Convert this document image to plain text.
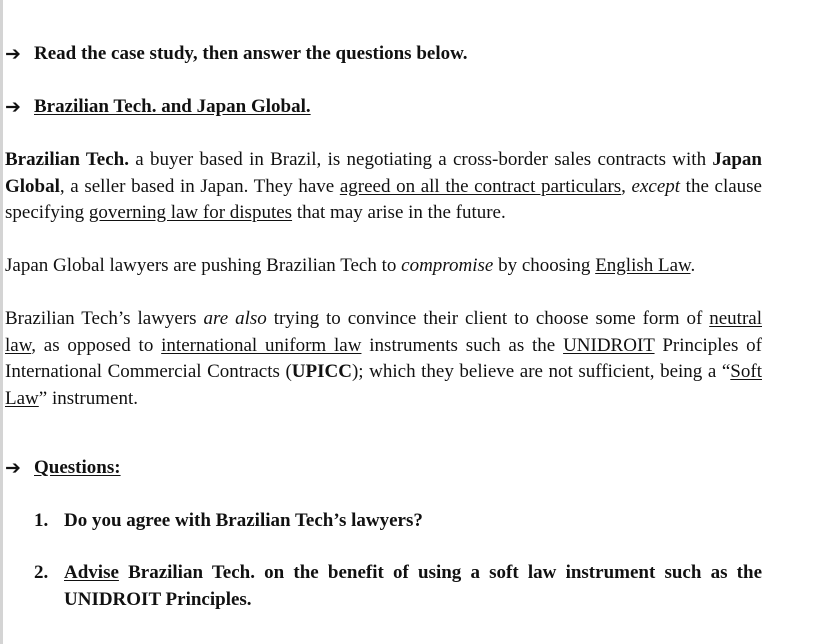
➔ Read the case study, then answer the questions below.
➔ Brazilian Tech. and Japan Global.
Brazilian Tech. a buyer based in Brazil, is negotiating a cross-border sales contracts with Japan Global, a seller based in Japan. They have agreed on all the contract particulars, except the clause specifying governing law for disputes that may arise in the future.
Japan Global lawyers are pushing Brazilian Tech to compromise by choosing English Law.
Brazilian Tech’s lawyers are also trying to convince their client to choose some form of neutral law, as opposed to international uniform law instruments such as the UNIDROIT Principles of International Commercial Contracts (UPICC); which they believe are not sufficient, being a “Soft Law” instrument.
➔ Questions:
1. Do you agree with Brazilian Tech’s lawyers?
2. Advise Brazilian Tech. on the benefit of using a soft law instrument such as the UNIDROIT Principles.
